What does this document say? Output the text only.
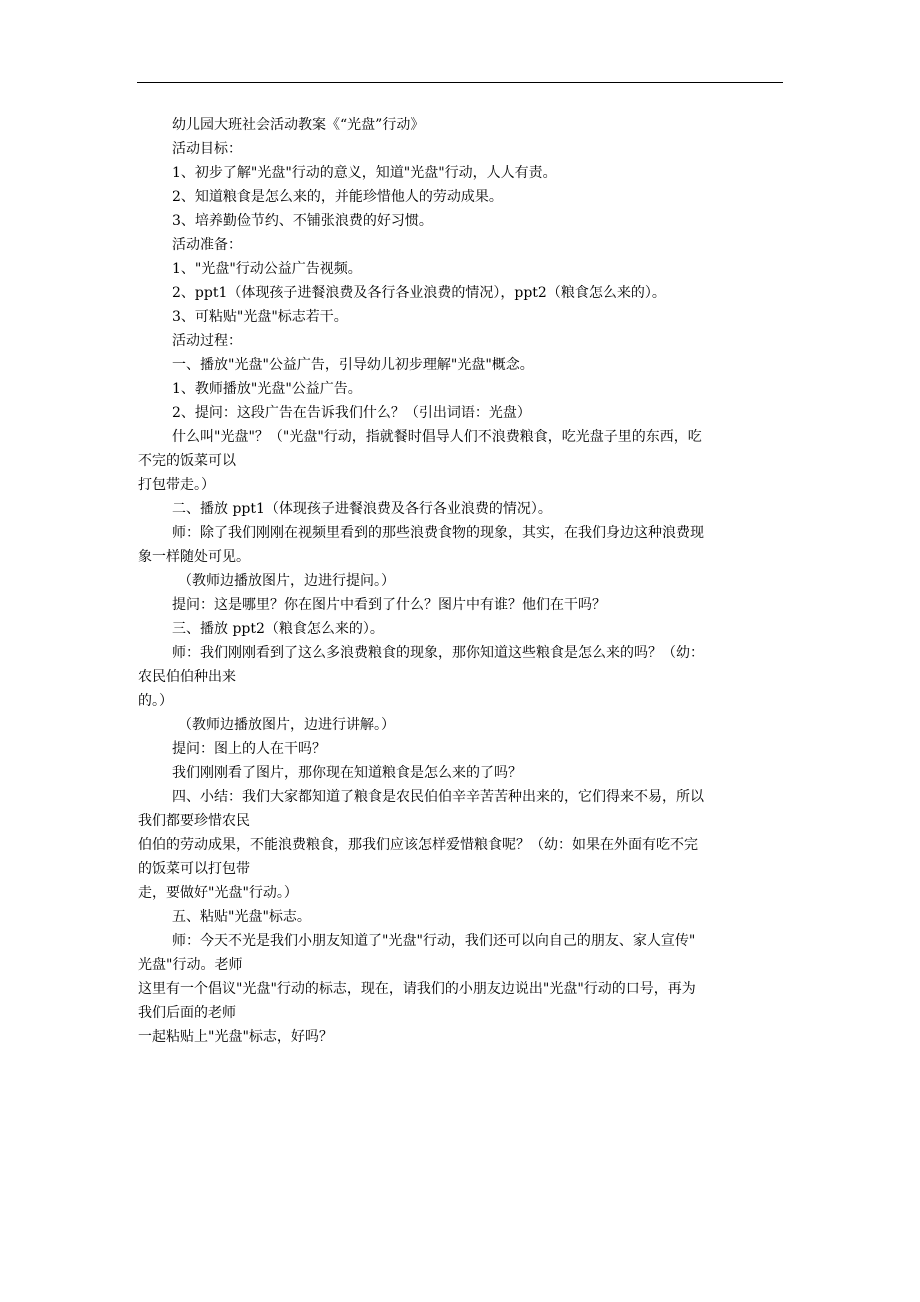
幼儿园大班社会活动教案《“光盘”行动》
活动目标：
1、初步了解"光盘"行动的意义，知道"光盘"行动，人人有责。
2、知道粮食是怎么来的，并能珍惜他人的劳动成果。
3、培养勤俭节约、不铺张浪费的好习惯。
活动准备：
1、"光盘"行动公益广告视频。
2、ppt1（体现孩子进餐浪费及各行各业浪费的情况），ppt2（粮食怎么来的）。
3、可粘贴"光盘"标志若干。
活动过程：
一、播放"光盘"公益广告，引导幼儿初步理解"光盘"概念。
1、教师播放"光盘"公益广告。
2、提问：这段广告在告诉我们什么？（引出词语：光盘）
什么叫"光盘"？（"光盘"行动，指就餐时倡导人们不浪费粮食，吃光盘子里的东西，吃
不完的饭菜可以
打包带走。）
二、播放 ppt1（体现孩子进餐浪费及各行各业浪费的情况）。
师：除了我们刚刚在视频里看到的那些浪费食物的现象，其实，在我们身边这种浪费现
象一样随处可见。
（教师边播放图片，边进行提问。）
提问：这是哪里？你在图片中看到了什么？图片中有谁？他们在干吗？
三、播放 ppt2（粮食怎么来的）。
师：我们刚刚看到了这么多浪费粮食的现象，那你知道这些粮食是怎么来的吗？（幼：
农民伯伯种出来
的。）
（教师边播放图片，边进行讲解。）
提问：图上的人在干吗？
我们刚刚看了图片，那你现在知道粮食是怎么来的了吗？
四、小结：我们大家都知道了粮食是农民伯伯辛辛苦苦种出来的，它们得来不易，所以
我们都要珍惜农民
伯伯的劳动成果，不能浪费粮食，那我们应该怎样爱惜粮食呢？（幼：如果在外面有吃不完
的饭菜可以打包带
走，要做好"光盘"行动。）
五、粘贴"光盘"标志。
师：今天不光是我们小朋友知道了"光盘"行动，我们还可以向自己的朋友、家人宣传"
光盘"行动。老师
这里有一个倡议"光盘"行动的标志，现在，请我们的小朋友边说出"光盘"行动的口号，再为
我们后面的老师
一起粘贴上"光盘"标志，好吗？
